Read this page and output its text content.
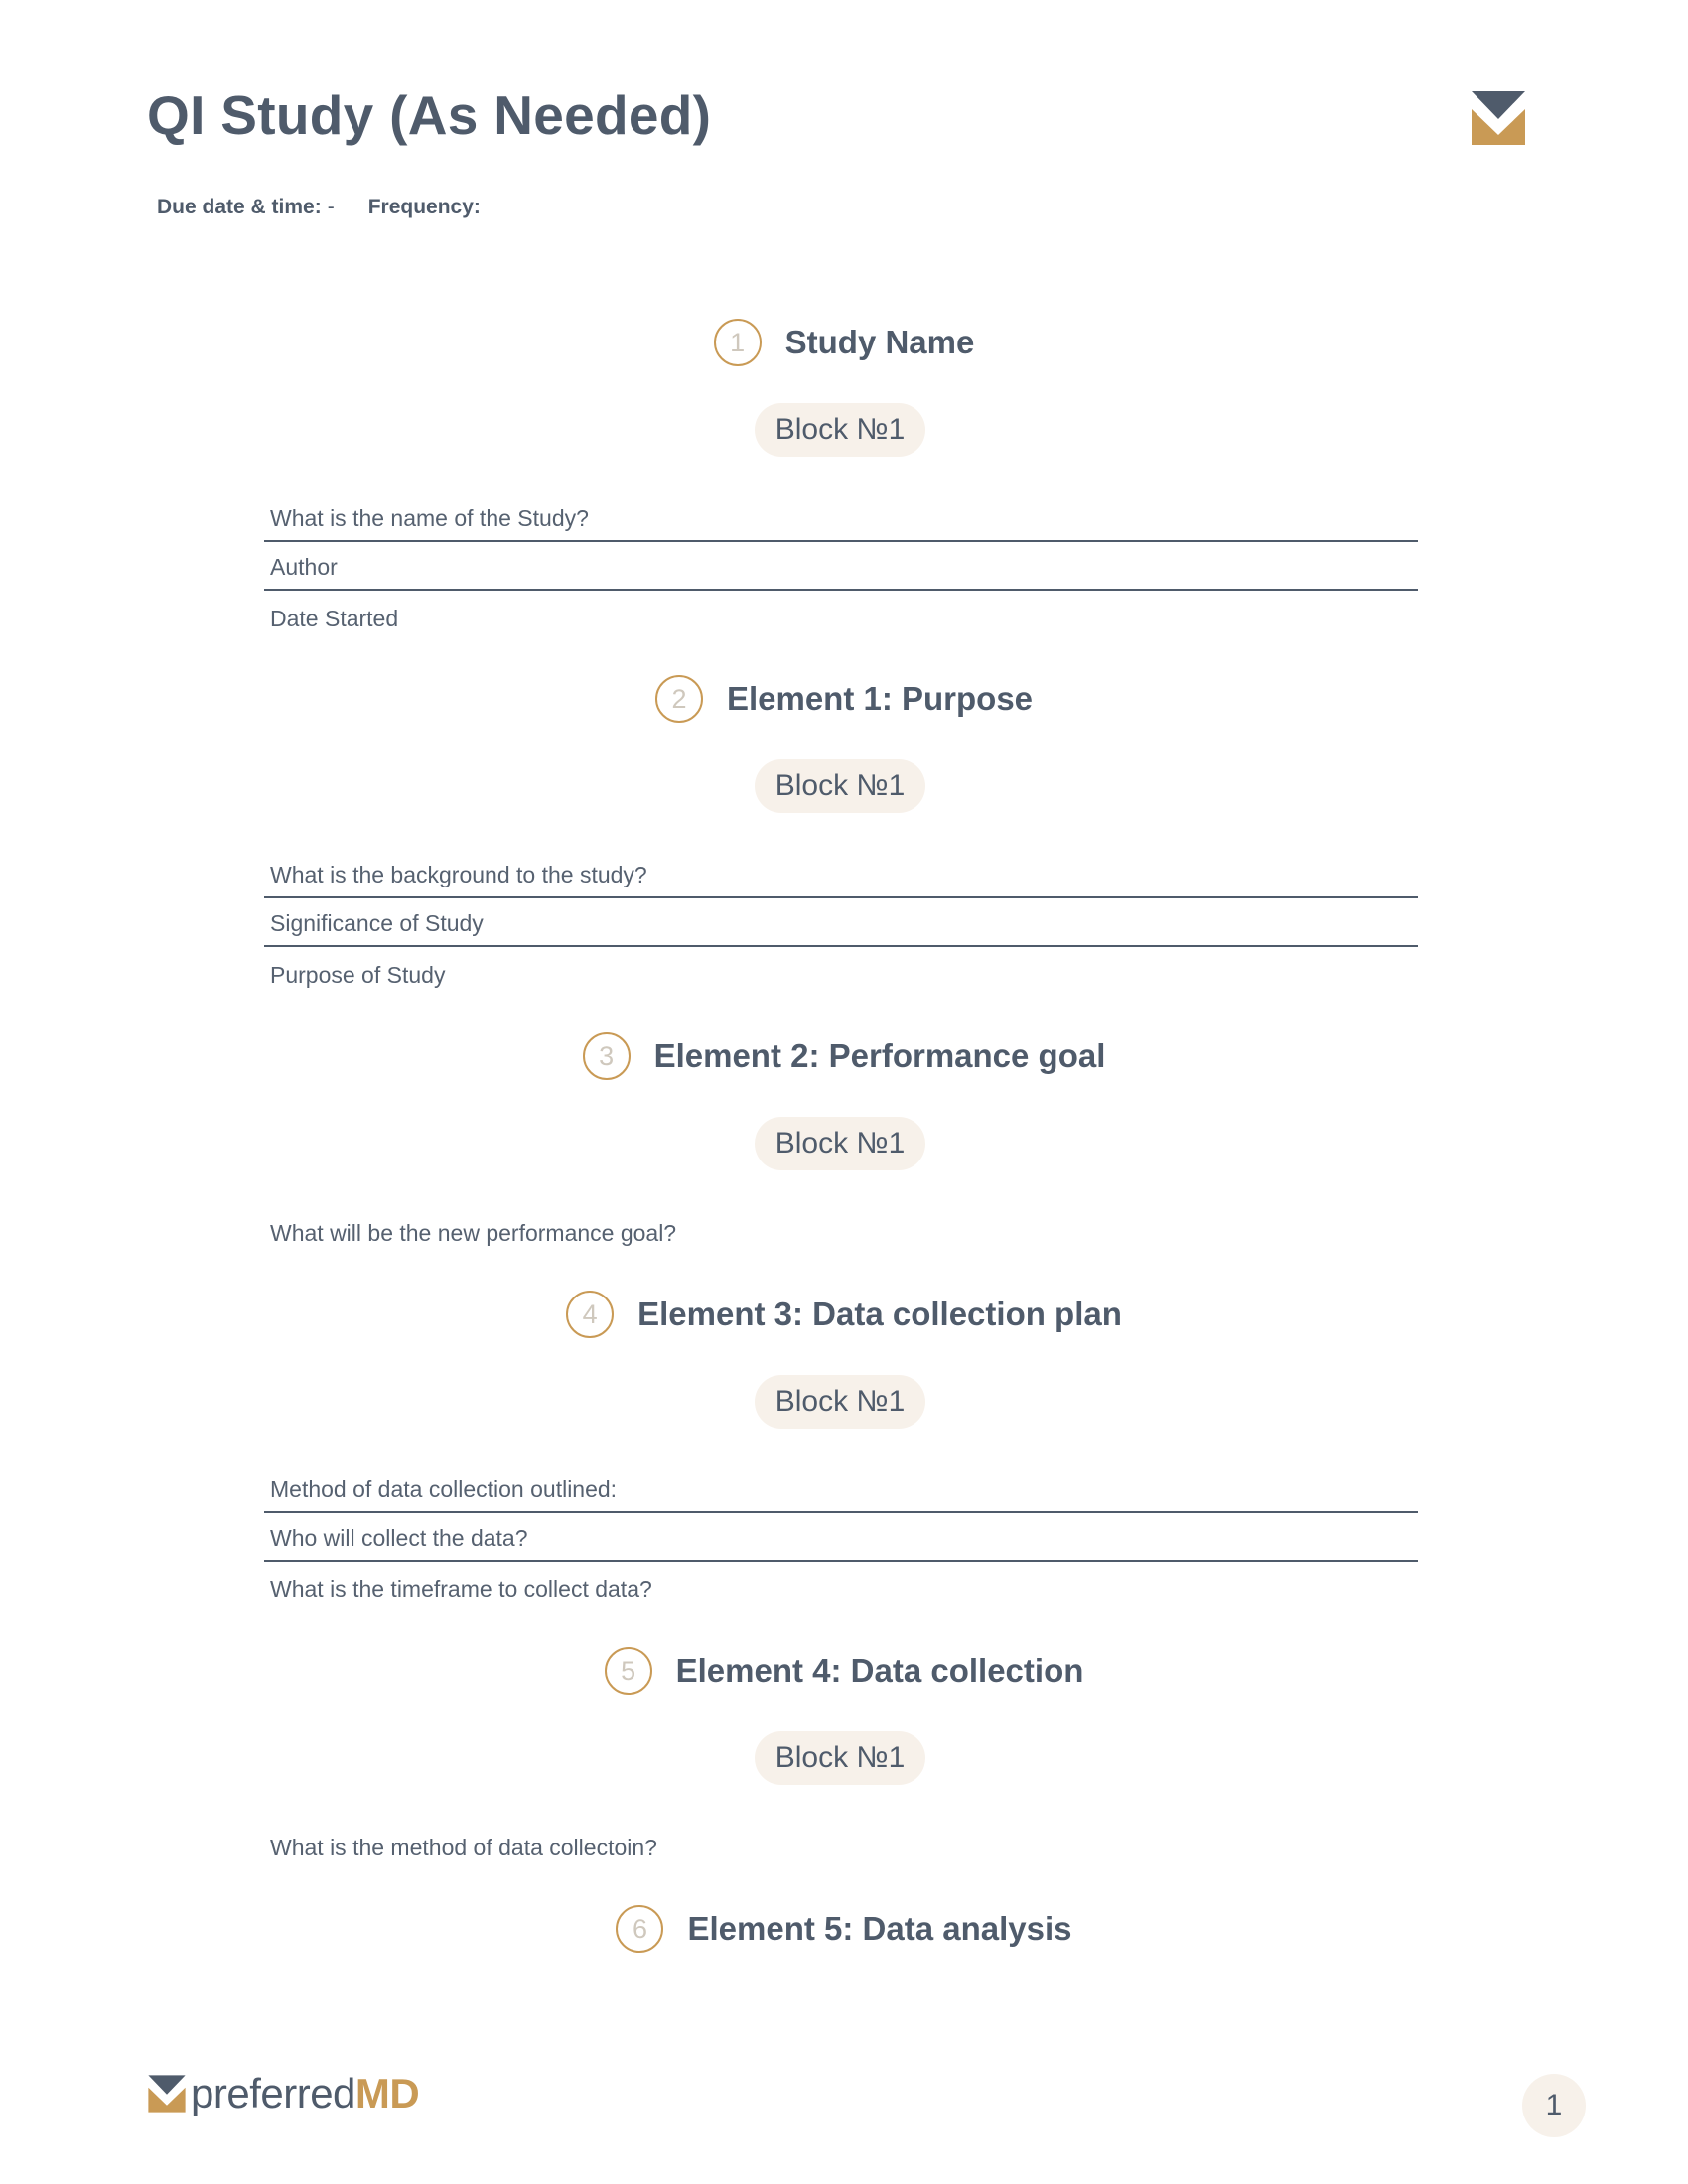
QI Study (As Needed)
Due date & time: - Frequency:
1	Study Name
Block №1
What is the name of the Study?
Author
Date Started
2	Element 1: Purpose
Block №1
What is the background to the study?
Significance of Study
Purpose of Study
3	Element 2: Performance goal
Block №1
What will be the new performance goal?
4	Element 3: Data collection plan
Block №1
Method of data collection outlined:
Who will collect the data?
What is the timeframe to collect data?
5	Element 4: Data collection
Block №1
What is the method of data collectoin?
6	Element 5: Data analysis
preferredMD	1
